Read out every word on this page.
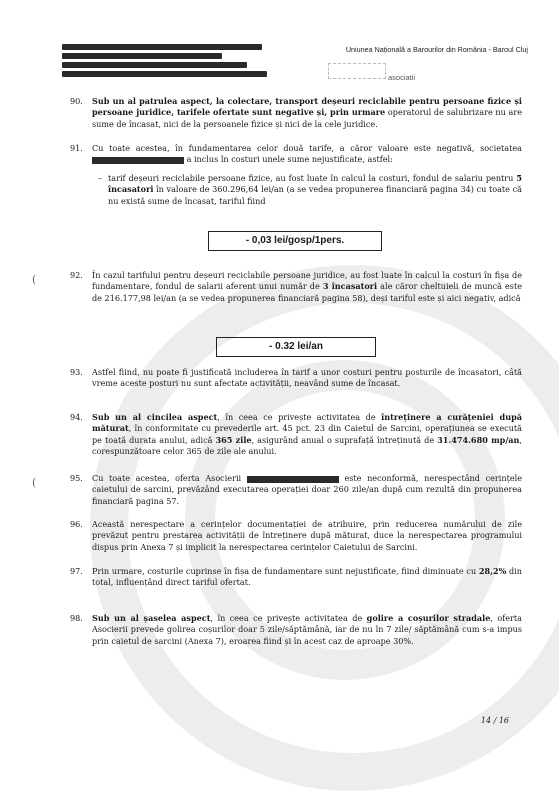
Uniunea Națională a Barourilor din România - Baroul Cluj
asociatii
90. Sub un al patrulea aspect, la colectare, transport deșeuri reciclabile pentru persoane fizice și persoane juridice, tarifele ofertate sunt negative și, prin urmare operatorul de salubrizare nu are sume de încasat, nici de la persoanele fizice și nici de la cele juridice.
91. Cu toate acestea, în fundamentarea celor două tarife, a căror valoare este negativă, societatea  a inclus în costuri unele sume nejustificate, astfel:
– tarif deșeuri reciclabile persoane fizice, au fost luate în calcul la costuri, fondul de salariu pentru 5 încasatori în valoare de 360.296,64 lei/an (a se vedea propunerea financiară pagina 34) cu toate că nu există sume de încasat, tariful fiind
- 0,03 lei/gosp/1pers.
(	92. În cazul tarifului pentru deșeuri reciclabile persoane juridice, au fost luate în calcul la costuri în fișa de fundamentare, fondul de salarii aferent unui număr de 3 încasatori ale căror cheltuieli de muncă este de 216.177,98 lei/an (a se vedea propunerea financiară pagina 58), deși tariful este și aici negativ, adică
- 0.32 lei/an
93. Astfel fiind, nu poate fi justificată includerea în tarif a unor costuri pentru posturile de încasatori, câtă vreme aceste posturi nu sunt afectate activității, neavând sume de încasat.
94. Sub un al cincilea aspect, în ceea ce privește activitatea de întreținere a curățeniei după măturat, în conformitate cu prevederile art. 45 pct. 23 din Caietul de Sarcini, operațiunea se execută pe toată durata anului, adică 365 zile, asigurând anual o suprafață întreținută de 31.474.680 mp/an, corespunzătoare celor 365 de zile ale anului.
(	95. Cu toate acestea, oferta Asocierii	este neconformă, nerespectând cerințele caietului de sarcini, prevăzând executarea operației doar 260 zile/an după cum rezultă din propunerea financiară pagina 57.
96. Această nerespectare a cerințelor documentației de atribuire, prin reducerea numărului de zile prevăzut pentru prestarea activității de întreținere după măturat, duce la nerespectarea programului dispus prin Anexa 7 și implicit la nerespectarea cerințelor Caietului de Sarcini.
97. Prin urmare, costurile cuprinse în fișa de fundamentare sunt nejustificate, fiind diminuate cu 28,2% din total, influențând direct tariful ofertat.
98. Sub un al șaselea aspect, în ceea ce privește activitatea de golire a coșurilor stradale, oferta Asocierii prevede golirea coșurilor doar 5 zile/săptămână, iar de nu în 7 zile/ săptămână cum s-a impus prin caietul de sarcini (Anexa 7), eroarea fiind și în acest caz de aproape 30%.
14 / 16
